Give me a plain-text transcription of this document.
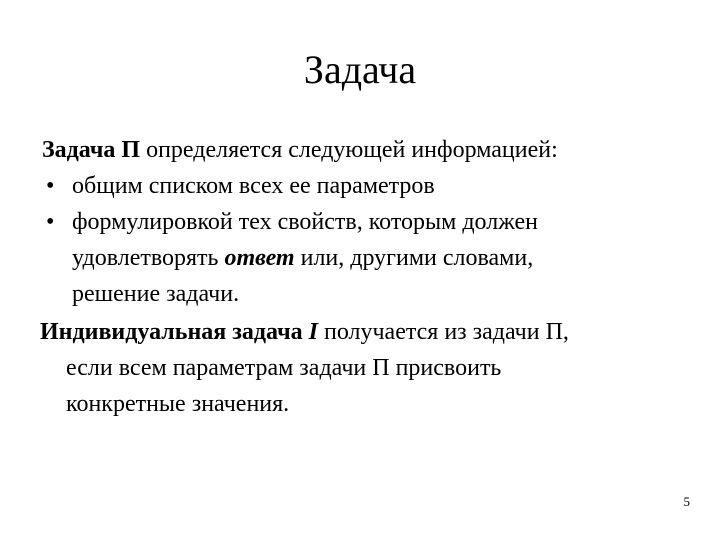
Задача
Задача П определяется следующей информацией:
• общим списком всех ее параметров
• формулировкой тех свойств, которым должен
удовлетворять ответ или, другими словами,
решение задачи.
Индивидуальная задача I получается из задачи П,
если всем параметрам задачи П присвоить
конкретные значения.
5
